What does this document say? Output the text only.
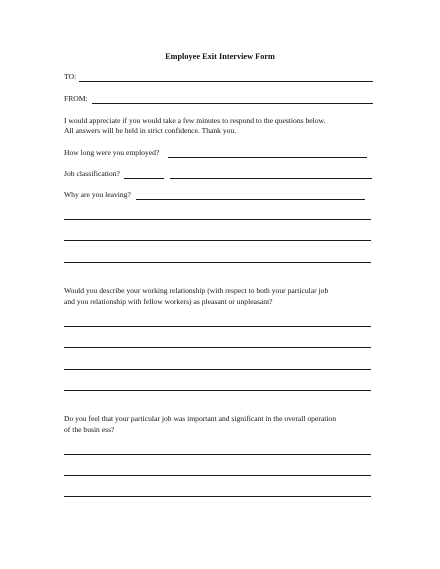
Employee Exit Interview Form
TO:
FROM:
I would appreciate if you would take a few minutes to respond to the questions below.
All answers will be held in strict confidence. Thank you.
How long were you employed?
Job classification?
Why are you leaving?
Would you describe your working relationship (with respect to both your particular job
and you relationship with fellow workers) as pleasant or unpleasant?
Do you feel that your particular job was important and significant in the overall operation
of the busin ess?
